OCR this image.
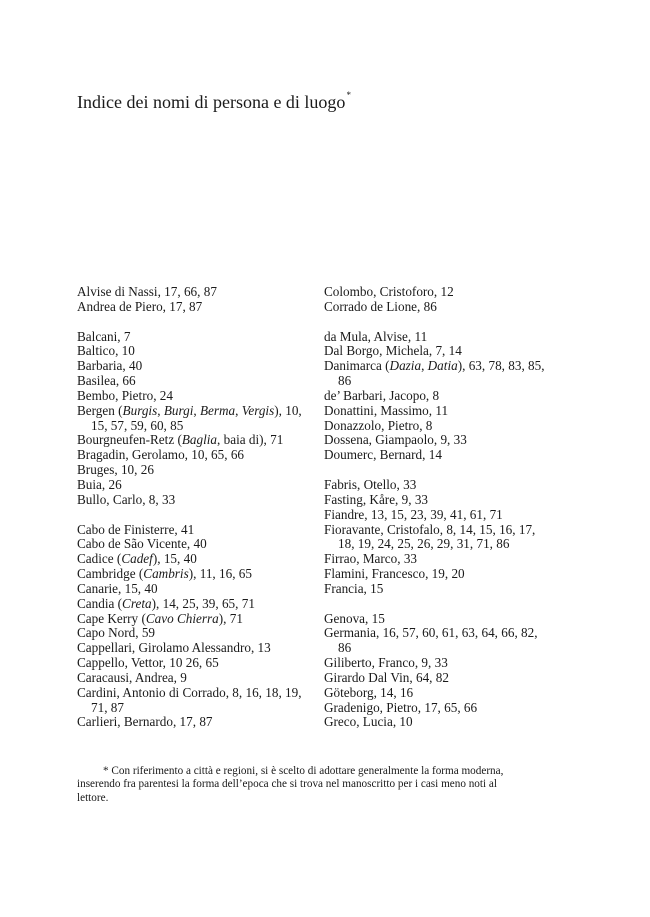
Indice dei nomi di persona e di luogo*
Alvise di Nassi, 17, 66, 87
Andrea de Piero, 17, 87
Balcani, 7
Baltico, 10
Barbaria, 40
Basilea, 66
Bembo, Pietro, 24
Bergen (Burgis, Burgi, Berma, Vergis), 10,
15, 57, 59, 60, 85
Bourgneufen-Retz (Baglia, baia di), 71
Bragadin, Gerolamo, 10, 65, 66
Bruges, 10, 26
Buia, 26
Bullo, Carlo, 8, 33
Cabo de Finisterre, 41
Cabo de São Vicente, 40
Cadice (Cadef), 15, 40
Cambridge (Cambris), 11, 16, 65
Canarie, 15, 40
Candia (Creta), 14, 25, 39, 65, 71
Cape Kerry (Cavo Chierra), 71
Capo Nord, 59
Cappellari, Girolamo Alessandro, 13
Cappello, Vettor, 10 26, 65
Caracausi, Andrea, 9
Cardini, Antonio di Corrado, 8, 16, 18, 19,
71, 87
Carlieri, Bernardo, 17, 87
Colombo, Cristoforo, 12
Corrado de Lione, 86
da Mula, Alvise, 11
Dal Borgo, Michela, 7, 14
Danimarca (Dazia, Datia), 63, 78, 83, 85,
86
de’ Barbari, Jacopo, 8
Donattini, Massimo, 11
Donazzolo, Pietro, 8
Dossena, Giampaolo, 9, 33
Doumerc, Bernard, 14
Fabris, Otello, 33
Fasting, Kåre, 9, 33
Fiandre, 13, 15, 23, 39, 41, 61, 71
Fioravante, Cristofalo, 8, 14, 15, 16, 17,
18, 19, 24, 25, 26, 29, 31, 71, 86
Firrao, Marco, 33
Flamini, Francesco, 19, 20
Francia, 15
Genova, 15
Germania, 16, 57, 60, 61, 63, 64, 66, 82,
86
Giliberto, Franco, 9, 33
Girardo Dal Vin, 64, 82
Göteborg, 14, 16
Gradenigo, Pietro, 17, 65, 66
Greco, Lucia, 10
* Con riferimento a città e regioni, si è scelto di adottare generalmente la forma moderna,
inserendo fra parentesi la forma dell’epoca che si trova nel manoscritto per i casi meno noti al
lettore.
